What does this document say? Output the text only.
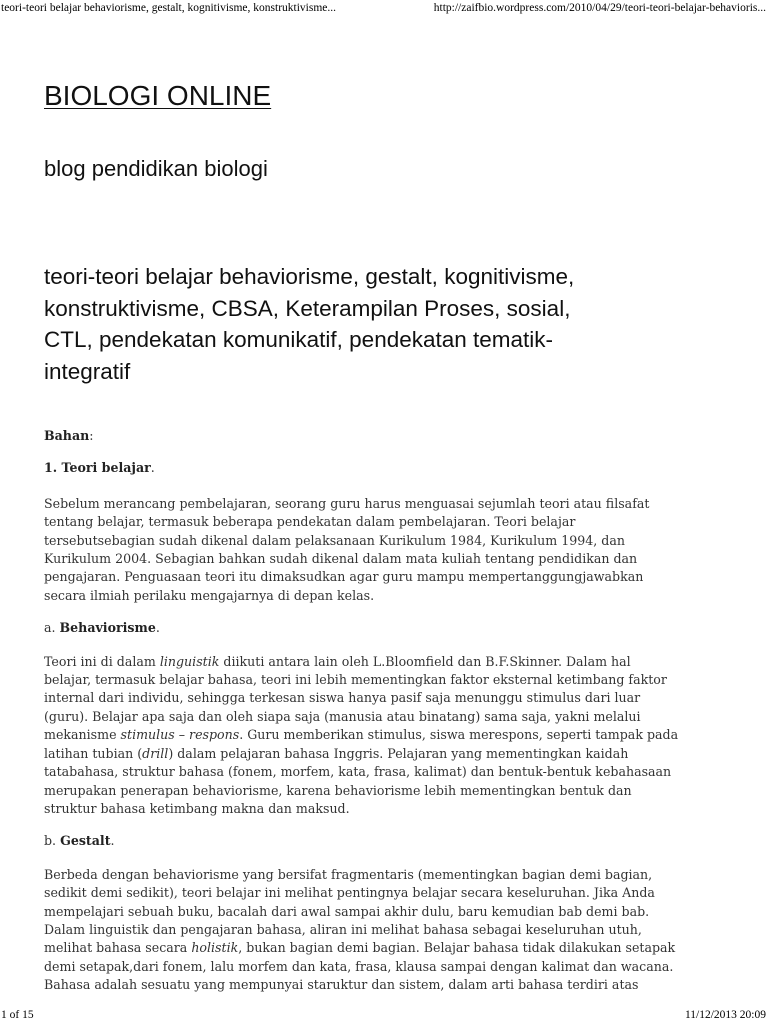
teori-teori belajar behaviorisme, gestalt, kognitivisme, konstruktivisme...	http://zaifbio.wordpress.com/2010/04/29/teori-teori-belajar-behavioris...
BIOLOGI ONLINE
blog pendidikan biologi
teori-teori belajar behaviorisme, gestalt, kognitivisme,
konstruktivisme, CBSA, Keterampilan Proses, sosial,
CTL, pendekatan komunikatif, pendekatan tematik-
integratif

Bahan:

1. Teori belajar.

Sebelum merancang pembelajaran, seorang guru harus menguasai sejumlah teori atau filsafat
tentang belajar, termasuk beberapa pendekatan dalam pembelajaran. Teori belajar
tersebutsebagian sudah dikenal dalam pelaksanaan Kurikulum 1984, Kurikulum 1994, dan
Kurikulum 2004. Sebagian bahkan sudah dikenal dalam mata kuliah tentang pendidikan dan
pengajaran. Penguasaan teori itu dimaksudkan agar guru mampu mempertanggungjawabkan
secara ilmiah perilaku mengajarnya di depan kelas.

a. Behaviorisme.

Teori ini di dalam linguistik diikuti antara lain oleh L.Bloomfield dan B.F.Skinner. Dalam hal
belajar, termasuk belajar bahasa, teori ini lebih mementingkan faktor eksternal ketimbang faktor
internal dari individu, sehingga terkesan siswa hanya pasif saja menunggu stimulus dari luar
(guru). Belajar apa saja dan oleh siapa saja (manusia atau binatang) sama saja, yakni melalui
mekanisme stimulus – respons. Guru memberikan stimulus, siswa merespons, seperti tampak pada
latihan tubian (drill) dalam pelajaran bahasa Inggris. Pelajaran yang mementingkan kaidah
tatabahasa, struktur bahasa (fonem, morfem, kata, frasa, kalimat) dan bentuk-bentuk kebahasaan
merupakan penerapan behaviorisme, karena behaviorisme lebih mementingkan bentuk dan
struktur bahasa ketimbang makna dan maksud.

b. Gestalt.

Berbeda dengan behaviorisme yang bersifat fragmentaris (mementingkan bagian demi bagian,
sedikit demi sedikit), teori belajar ini melihat pentingnya belajar secara keseluruhan. Jika Anda
mempelajari sebuah buku, bacalah dari awal sampai akhir dulu, baru kemudian bab demi bab.
Dalam linguistik dan pengajaran bahasa, aliran ini melihat bahasa sebagai keseluruhan utuh,
melihat bahasa secara holistik, bukan bagian demi bagian. Belajar bahasa tidak dilakukan setapak
demi setapak,dari fonem, lalu morfem dan kata, frasa, klausa sampai dengan kalimat dan wacana.
Bahasa adalah sesuatu yang mempunyai staruktur dan sistem, dalam arti bahasa terdiri atas

1 of 15	11/12/2013 20:09
